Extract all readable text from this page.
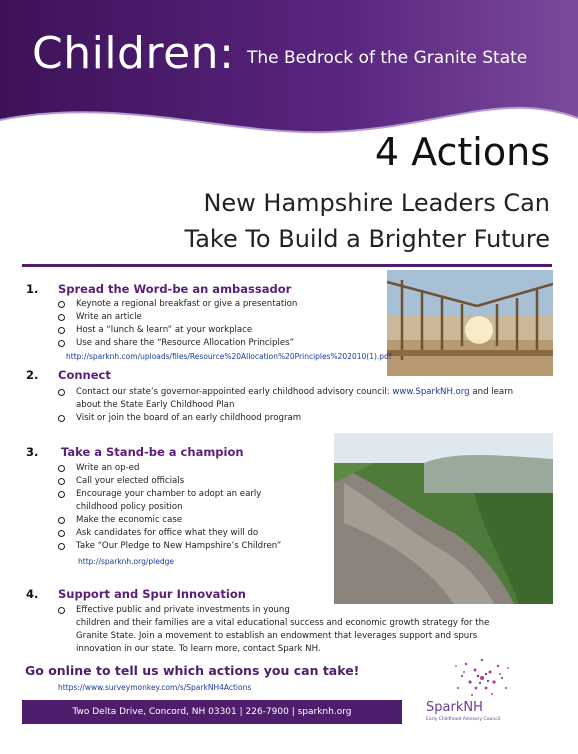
Children: The Bedrock of the Granite State
4 Actions
New Hampshire Leaders Can
Take To Build a Brighter Future
1. Spread the Word-be an ambassador
Keynote a regional breakfast or give a presentation
Write an article
Host a “lunch & learn” at your workplace
Use and share the “Resource Allocation Principles”
http://sparknh.com/uploads/files/Resource%20Allocation%20Principles%202010(1).pdf
2. Connect
Contact our state’s governor-appointed early childhood advisory council: www.SparkNH.org and learn
about the State Early Childhood Plan
Visit or join the board of an early childhood program
3. Take a Stand-be a champion
Write an op-ed
Call your elected officials
Encourage your chamber to adopt an early
childhood policy position
Make the economic case
Ask candidates for office what they will do
Take “Our Pledge to New Hampshire’s Children”
http://sparknh.org/pledge
4. Support and Spur Innovation
Effective public and private investments in young
children and their families are a vital educational success and economic growth strategy for the
Granite State. Join a movement to establish an endowment that leverages support and spurs
innovation in our state. To learn more, contact Spark NH.
Go online to tell us which actions you can take!
https://www.surveymonkey.com/s/SparkNH4Actions
Two Delta Drive, Concord, NH 03301 | 226-7900 | sparknh.org	SparkNH
Early Childhood Advisory Council
